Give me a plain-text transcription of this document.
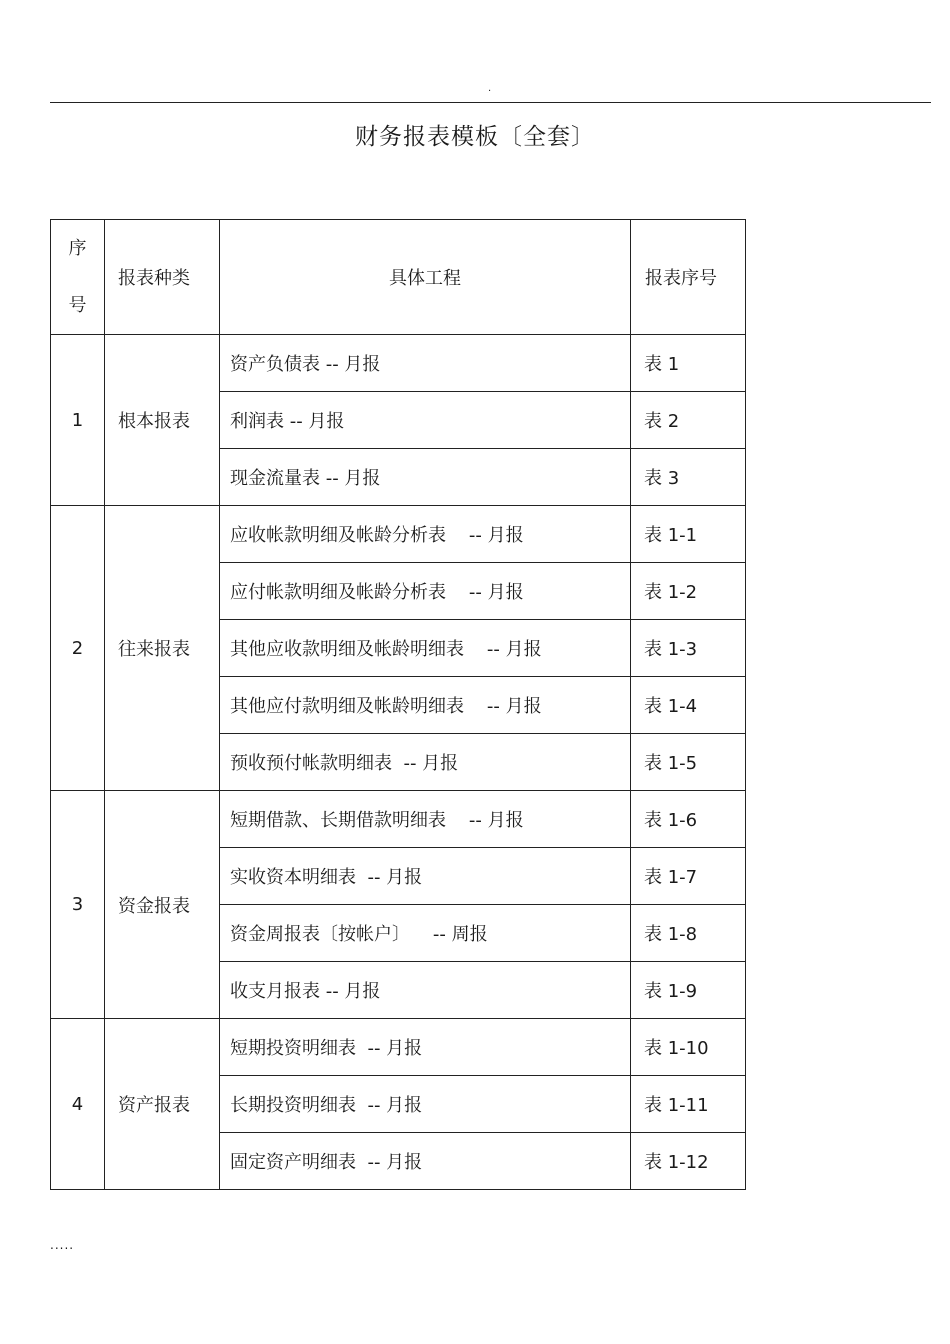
.
财务报表模板〔全套〕
序
号	报表种类	具体工程	报表序号
1	根本报表	资产负债表 -- 月报	表 1
		利润表 -- 月报	表 2
		现金流量表 -- 月报	表 3
2	往来报表	应收帐款明细及帐龄分析表    -- 月报	表 1-1
		应付帐款明细及帐龄分析表    -- 月报	表 1-2
		其他应收款明细及帐龄明细表    -- 月报	表 1-3
		其他应付款明细及帐龄明细表    -- 月报	表 1-4
		预收预付帐款明细表  -- 月报	表 1-5
3	资金报表	短期借款、长期借款明细表    -- 月报	表 1-6
		实收资本明细表  -- 月报	表 1-7
		资金周报表〔按帐户〕    -- 周报	表 1-8
		收支月报表 -- 月报	表 1-9
4	资产报表	短期投资明细表  -- 月报	表 1-10
		长期投资明细表  -- 月报	表 1-11
		固定资产明细表  -- 月报	表 1-12
.....
